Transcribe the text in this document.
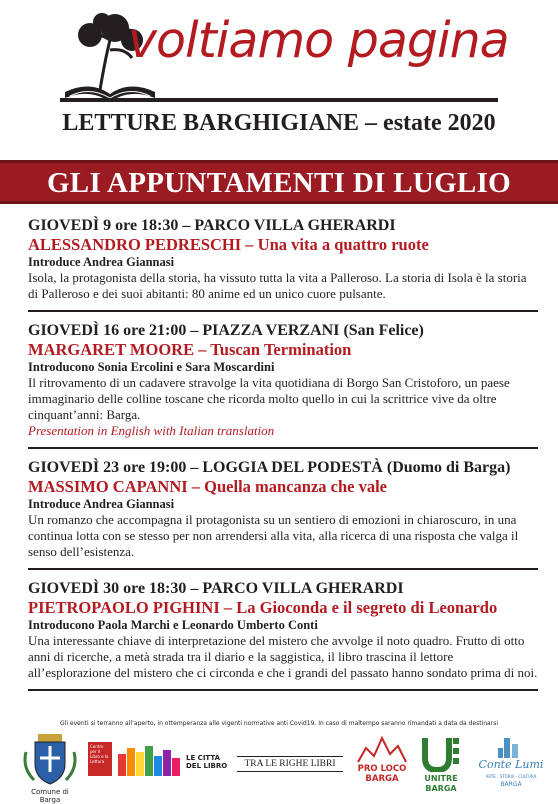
voltiamo pagina
LETTURE BARGHIGIANE – estate 2020
GLI APPUNTAMENTI DI LUGLIO
GIOVEDÌ 9 ore 18:30 – PARCO VILLA GHERARDI
ALESSANDRO PEDRESCHI – Una vita a quattro ruote
Introduce Andrea Giannasi
Isola, la protagonista della storia, ha vissuto tutta la vita a Palleroso. La storia di Isola è la storia di Palleroso e dei suoi abitanti: 80 anime ed un unico cuore pulsante.
GIOVEDÌ 16 ore 21:00 – PIAZZA VERZANI (San Felice)
MARGARET MOORE – Tuscan Termination
Introducono Sonia Ercolini e Sara Moscardini
Il ritrovamento di un cadavere stravolge la vita quotidiana di Borgo San Cristoforo, un paese immaginario delle colline toscane che ricorda molto quello in cui la scrittrice vive da oltre cinquant’anni: Barga.
Presentation in English with Italian translation
GIOVEDÌ 23 ore 19:00 – LOGGIA DEL PODESTÀ (Duomo di Barga)
MASSIMO CAPANNI – Quella mancanza che vale
Introduce Andrea Giannasi
Un romanzo che accompagna il protagonista su un sentiero di emozioni in chiaroscuro, in una continua lotta con se stesso per non arrendersi alla vita, alla ricerca di una risposta che valga il senso dell’esistenza.
GIOVEDÌ 30 ore 18:30 – PARCO VILLA GHERARDI
PIETROPAOLO PIGHINI – La Gioconda e il segreto di Leonardo
Introducono Paola Marchi e Leonardo Umberto Conti
Una interessante chiave di interpretazione del mistero che avvolge il noto quadro. Frutto di otto anni di ricerche, a metà strada tra il diario e la saggistica, il libro trascina il lettore all’esplorazione del mistero che ci circonda e che i grandi del passato hanno sondato prima di noi.
Gli eventi si terranno all’aperto, in ottemperanza alle vigenti normative anti Covid19. In caso di maltempo saranno rimandati a data da destinarsi
Comune di Barga
Centro per il Libro e la Lettura	LE CITTÀ DEL LIBRO	TRA LE RIGHE LIBRI	PRO LOCO BARGA	UNITRE BARGA
Conte Lumi
ARTE · STORIA · CULTURA
BARGA
